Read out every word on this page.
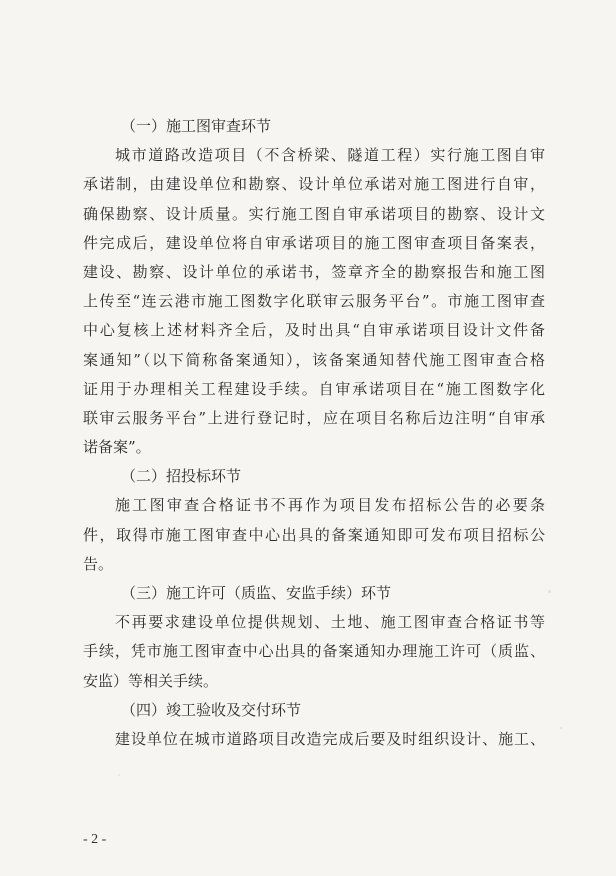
（一）施工图审查环节
城市道路改造项目（不含桥梁、隧道工程）实行施工图自审
承诺制，由建设单位和勘察、设计单位承诺对施工图进行自审，
确保勘察、设计质量。实行施工图自审承诺项目的勘察、设计文
件完成后，建设单位将自审承诺项目的施工图审查项目备案表，
建设、勘察、设计单位的承诺书，签章齐全的勘察报告和施工图
上传至“连云港市施工图数字化联审云服务平台”。市施工图审查
中心复核上述材料齐全后，及时出具“自审承诺项目设计文件备
案通知”（以下简称备案通知），该备案通知替代施工图审查合格
证用于办理相关工程建设手续。自审承诺项目在“施工图数字化
联审云服务平台”上进行登记时，应在项目名称后边注明“自审承
诺备案”。
（二）招投标环节
施工图审查合格证书不再作为项目发布招标公告的必要条
件，取得市施工图审查中心出具的备案通知即可发布项目招标公
告。
（三）施工许可（质监、安监手续）环节
不再要求建设单位提供规划、土地、施工图审查合格证书等
手续，凭市施工图审查中心出具的备案通知办理施工许可（质监、
安监）等相关手续。
（四）竣工验收及交付环节
建设单位在城市道路项目改造完成后要及时组织设计、施工、
- 2 -
